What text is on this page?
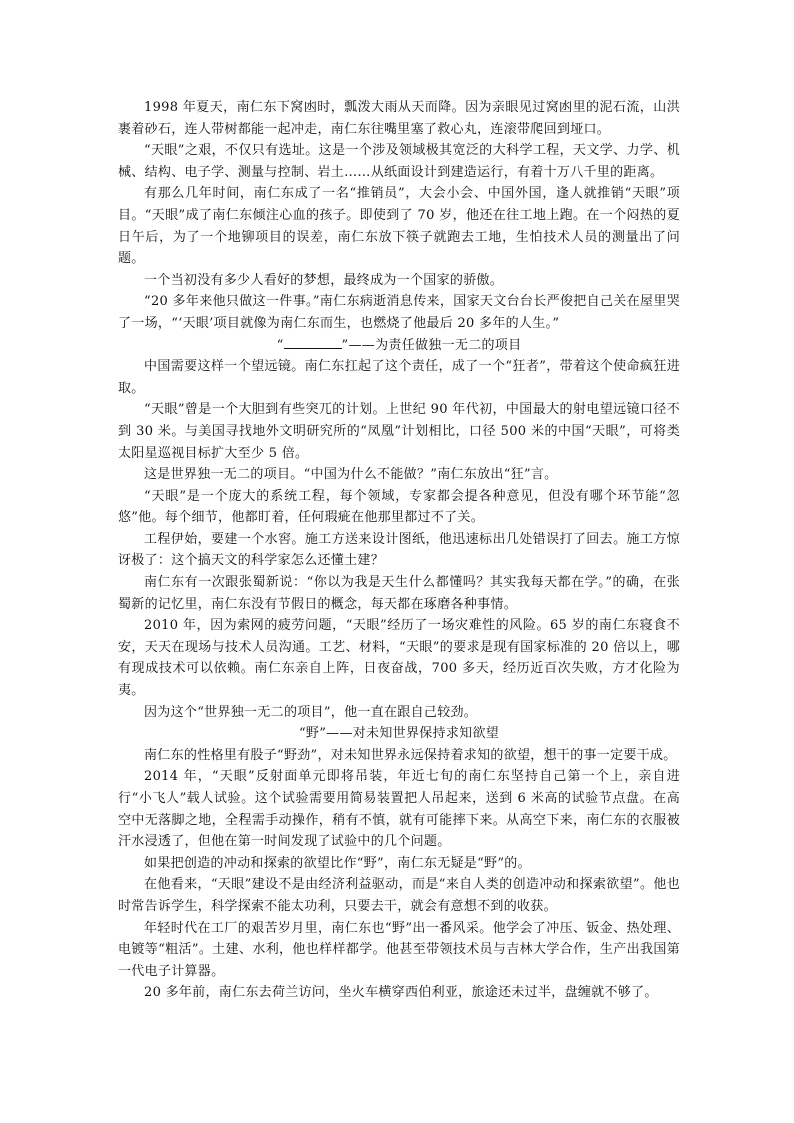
1998 年夏天，南仁东下窝凼时，瓢泼大雨从天而降。因为亲眼见过窝凼里的泥石流，山洪裹着砂石，连人带树都能一起冲走，南仁东往嘴里塞了救心丸，连滚带爬回到垭口。

“天眼”之艰，不仅只有选址。这是一个涉及领域极其宽泛的大科学工程，天文学、力学、机械、结构、电子学、测量与控制、岩土……从纸面设计到建造运行，有着十万八千里的距离。

有那么几年时间，南仁东成了一名“推销员”，大会小会、中国外国，逢人就推销“天眼”项目。“天眼”成了南仁东倾注心血的孩子。即使到了 70 岁，他还在往工地上跑。在一个闷热的夏日午后，为了一个地铆项目的误差，南仁东放下筷子就跑去工地，生怕技术人员的测量出了问题。

一个当初没有多少人看好的梦想，最终成为一个国家的骄傲。

“20 多年来他只做这一件事。”南仁东病逝消息传来，国家天文台台长严俊把自己关在屋里哭了一场，“‘天眼’项目就像为南仁东而生，也燃烧了他最后 20 多年的人生。”

“	”——为责任做独一无二的项目

中国需要这样一个望远镜。南仁东扛起了这个责任，成了一个“狂者”，带着这个使命疯狂进取。

“天眼”曾是一个大胆到有些突兀的计划。上世纪 90 年代初，中国最大的射电望远镜口径不到 30 米。与美国寻找地外文明研究所的“凤凰”计划相比，口径 500 米的中国“天眼”，可将类太阳星巡视目标扩大至少 5 倍。

这是世界独一无二的项目。“中国为什么不能做？”南仁东放出“狂”言。

“天眼”是一个庞大的系统工程，每个领域，专家都会提各种意见，但没有哪个环节能“忽悠”他。每个细节，他都盯着，任何瑕疵在他那里都过不了关。

工程伊始，要建一个水窖。施工方送来设计图纸，他迅速标出几处错误打了回去。施工方惊讶极了：这个搞天文的科学家怎么还懂土建？

南仁东有一次跟张蜀新说：“你以为我是天生什么都懂吗？其实我每天都在学。”的确，在张蜀新的记忆里，南仁东没有节假日的概念，每天都在琢磨各种事情。

2010 年，因为索网的疲劳问题，“天眼”经历了一场灾难性的风险。65 岁的南仁东寝食不安，天天在现场与技术人员沟通。工艺、材料，“天眼”的要求是现有国家标准的 20 倍以上，哪有现成技术可以依赖。南仁东亲自上阵，日夜奋战，700 多天，经历近百次失败，方才化险为夷。

因为这个“世界独一无二的项目”，他一直在跟自己较劲。

“野”——对未知世界保持求知欲望

南仁东的性格里有股子“野劲”，对未知世界永远保持着求知的欲望，想干的事一定要干成。

2014 年，“天眼”反射面单元即将吊装，年近七旬的南仁东坚持自己第一个上，亲自进行“小飞人”载人试验。这个试验需要用简易装置把人吊起来，送到 6 米高的试验节点盘。在高空中无落脚之地，全程需手动操作，稍有不慎，就有可能摔下来。从高空下来，南仁东的衣服被汗水浸透了，但他在第一时间发现了试验中的几个问题。

如果把创造的冲动和探索的欲望比作“野”，南仁东无疑是“野”的。

在他看来，“天眼”建设不是由经济利益驱动，而是“来自人类的创造冲动和探索欲望”。他也时常告诉学生，科学探索不能太功利，只要去干，就会有意想不到的收获。

年轻时代在工厂的艰苦岁月里，南仁东也“野”出一番风采。他学会了冲压、钣金、热处理、电镀等“粗活”。土建、水利，他也样样都学。他甚至带领技术员与吉林大学合作，生产出我国第一代电子计算器。

20 多年前，南仁东去荷兰访问，坐火车横穿西伯利亚，旅途还未过半，盘缠就不够了。
